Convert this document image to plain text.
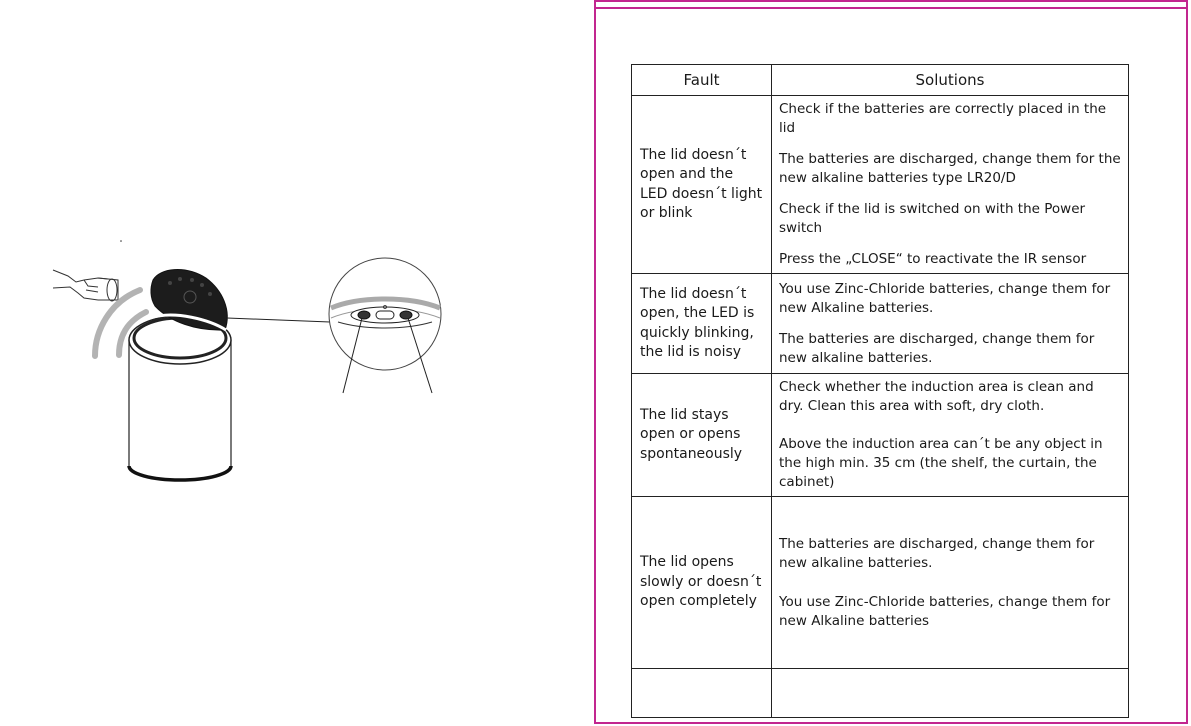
Fault	Solutions
The lid doesn´t open and the LED doesn´t light or blink	Check if the batteries are correctly placed in the lid
The batteries are discharged, change them for the new alkaline batteries type LR20/D
Check if the lid is switched on with the Power switch
Press the „CLOSE“ to reactivate the IR sensor

The lid doesn´t open, the LED is quickly blinking, the lid is noisy	You use Zinc-Chloride batteries, change them for new Alkaline batteries.
The batteries are discharged, change them for new alkaline batteries.

The lid stays open or opens spontaneously	Check whether the induction area is clean and dry. Clean this area with soft, dry cloth.
Above the induction area can´t be any object in the high min. 35 cm (the shelf, the curtain, the cabinet)

The lid opens slowly or doesn´t open completely	The batteries are discharged, change them for new alkaline batteries.
You use Zinc-Chloride batteries, change them for new Alkaline batteries
